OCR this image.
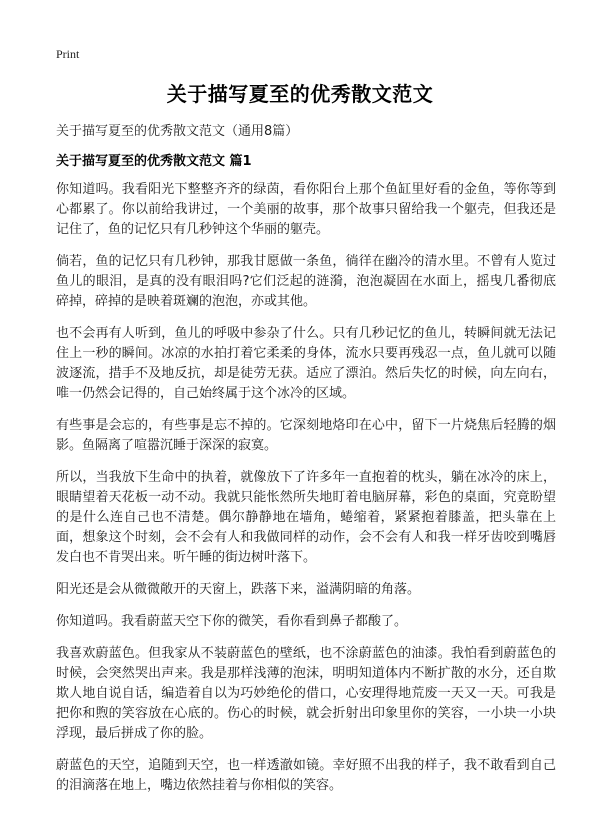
Print
关于描写夏至的优秀散文范文
关于描写夏至的优秀散文范文（通用8篇）
关于描写夏至的优秀散文范文 篇1

你知道吗。我看阳光下整整齐齐的绿茵，看你阳台上那个鱼缸里好看的金鱼，等你等到心都累了。你以前给我讲过，一个美丽的故事，那个故事只留给我一个躯壳，但我还是记住了，鱼的记忆只有几秒钟这个华丽的躯壳。

倘若，鱼的记忆只有几秒钟，那我甘愿做一条鱼，徜徉在幽冷的清水里。不曾有人览过鱼儿的眼泪，是真的没有眼泪吗?它们泛起的涟漪，泡泡凝固在水面上，摇曳几番彻底碎掉，碎掉的是映着斑斓的泡泡，亦或其他。

也不会再有人听到，鱼儿的呼吸中参杂了什么。只有几秒记忆的鱼儿，转瞬间就无法记住上一秒的瞬间。冰凉的水拍打着它柔柔的身体，流水只要再残忍一点，鱼儿就可以随波逐流，措手不及地反抗，却是徒劳无获。适应了漂泊。然后失忆的时候，向左向右，唯一仍然会记得的，自己始终属于这个冰冷的区域。

有些事是会忘的，有些事是忘不掉的。它深刻地烙印在心中，留下一片烧焦后轻腾的烟影。鱼隔离了喧嚣沉睡于深深的寂寞。

所以，当我放下生命中的执着，就像放下了许多年一直抱着的枕头，躺在冰冷的床上，眼睛望着天花板一动不动。我就只能怅然所失地盯着电脑屏幕，彩色的桌面，究竟盼望的是什么连自己也不清楚。偶尔静静地在墙角，蜷缩着，紧紧抱着膝盖，把头靠在上面，想象这个时刻，会不会有人和我做同样的动作，会不会有人和我一样牙齿咬到嘴唇发白也不肯哭出来。听午睡的街边树叶落下。

阳光还是会从微微敞开的天窗上，跌落下来，溢满阴暗的角落。

你知道吗。我看蔚蓝天空下你的微笑，看你看到鼻子都酸了。

我喜欢蔚蓝色。但我家从不装蔚蓝色的壁纸，也不涂蔚蓝色的油漆。我怕看到蔚蓝色的时候，会突然哭出声来。我是那样浅薄的泡沫，明明知道体内不断扩散的水分，还自欺欺人地自说自话，编造着自以为巧妙绝伦的借口，心安理得地荒废一天又一天。可我是把你和煦的笑容放在心底的。伤心的时候，就会折射出印象里你的笑容，一小块一小块浮现，最后拼成了你的脸。

蔚蓝色的天空，追随到天空，也一样透澈如镜。幸好照不出我的样子，我不敢看到自己的泪滴落在地上，嘴边依然挂着与你相似的笑容。
